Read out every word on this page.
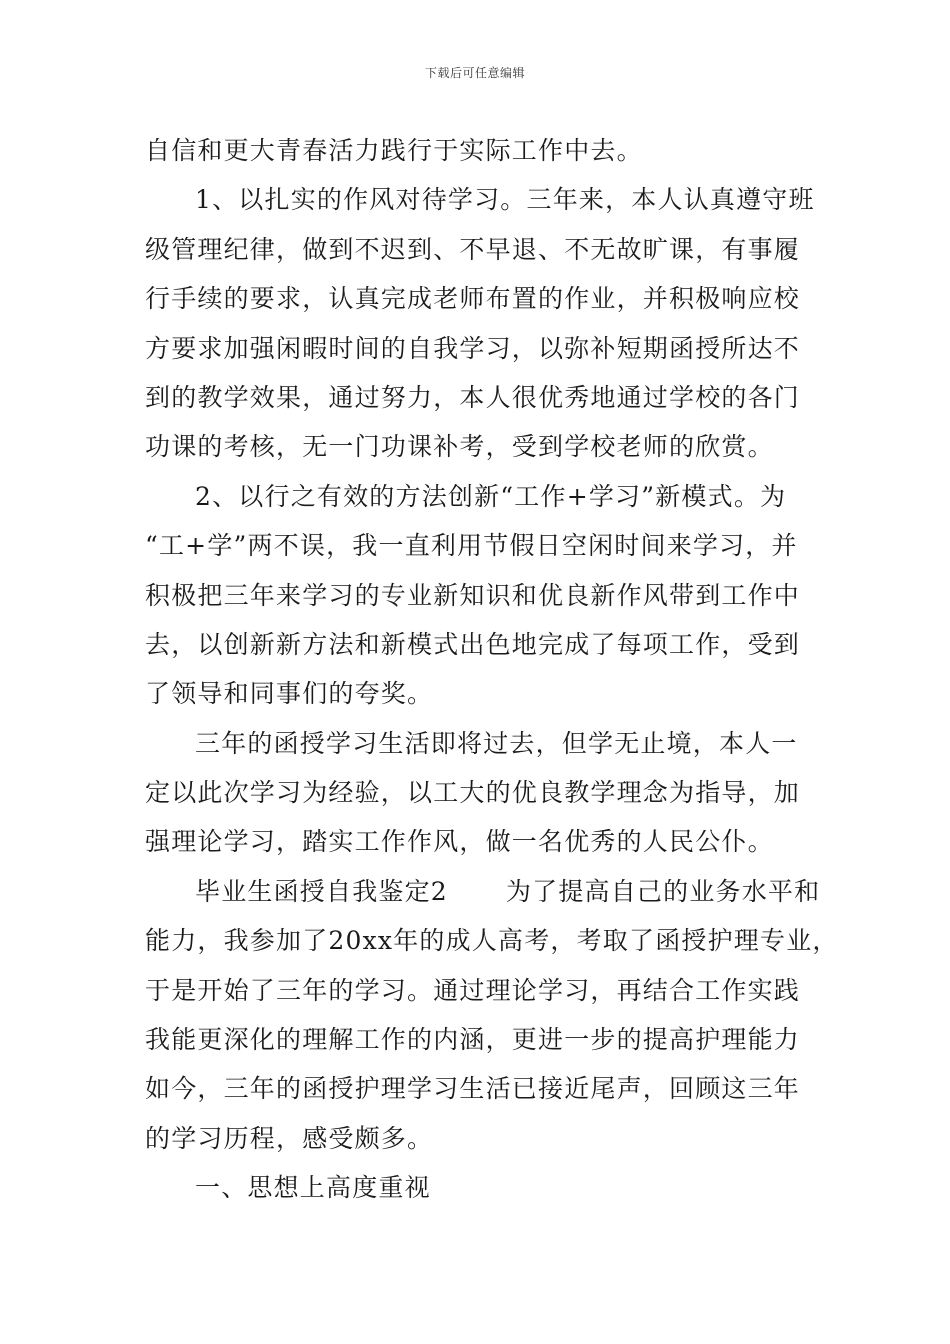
下载后可任意编辑
自信和更大青春活力践行于实际工作中去。
1、以扎实的作风对待学习。三年来，本人认真遵守班
级管理纪律，做到不迟到、不早退、不无故旷课，有事履
行手续的要求，认真完成老师布置的作业，并积极响应校
方要求加强闲暇时间的自我学习，以弥补短期函授所达不
到的教学效果，通过努力，本人很优秀地通过学校的各门
功课的考核，无一门功课补考，受到学校老师的欣赏。
2、以行之有效的方法创新“工作+学习”新模式。为
“工+学”两不误，我一直利用节假日空闲时间来学习，并
积极把三年来学习的专业新知识和优良新作风带到工作中
去，以创新新方法和新模式出色地完成了每项工作，受到
了领导和同事们的夸奖。
三年的函授学习生活即将过去，但学无止境，本人一
定以此次学习为经验，以工大的优良教学理念为指导，加
强理论学习，踏实工作作风，做一名优秀的人民公仆。
毕业生函授自我鉴定2 为了提高自己的业务水平和
能力，我参加了20xx年的成人高考，考取了函授护理专业，
于是开始了三年的学习。通过理论学习，再结合工作实践
我能更深化的理解工作的内涵，更进一步的提高护理能力
如今，三年的函授护理学习生活已接近尾声，回顾这三年
的学习历程，感受颇多。
一、思想上高度重视
